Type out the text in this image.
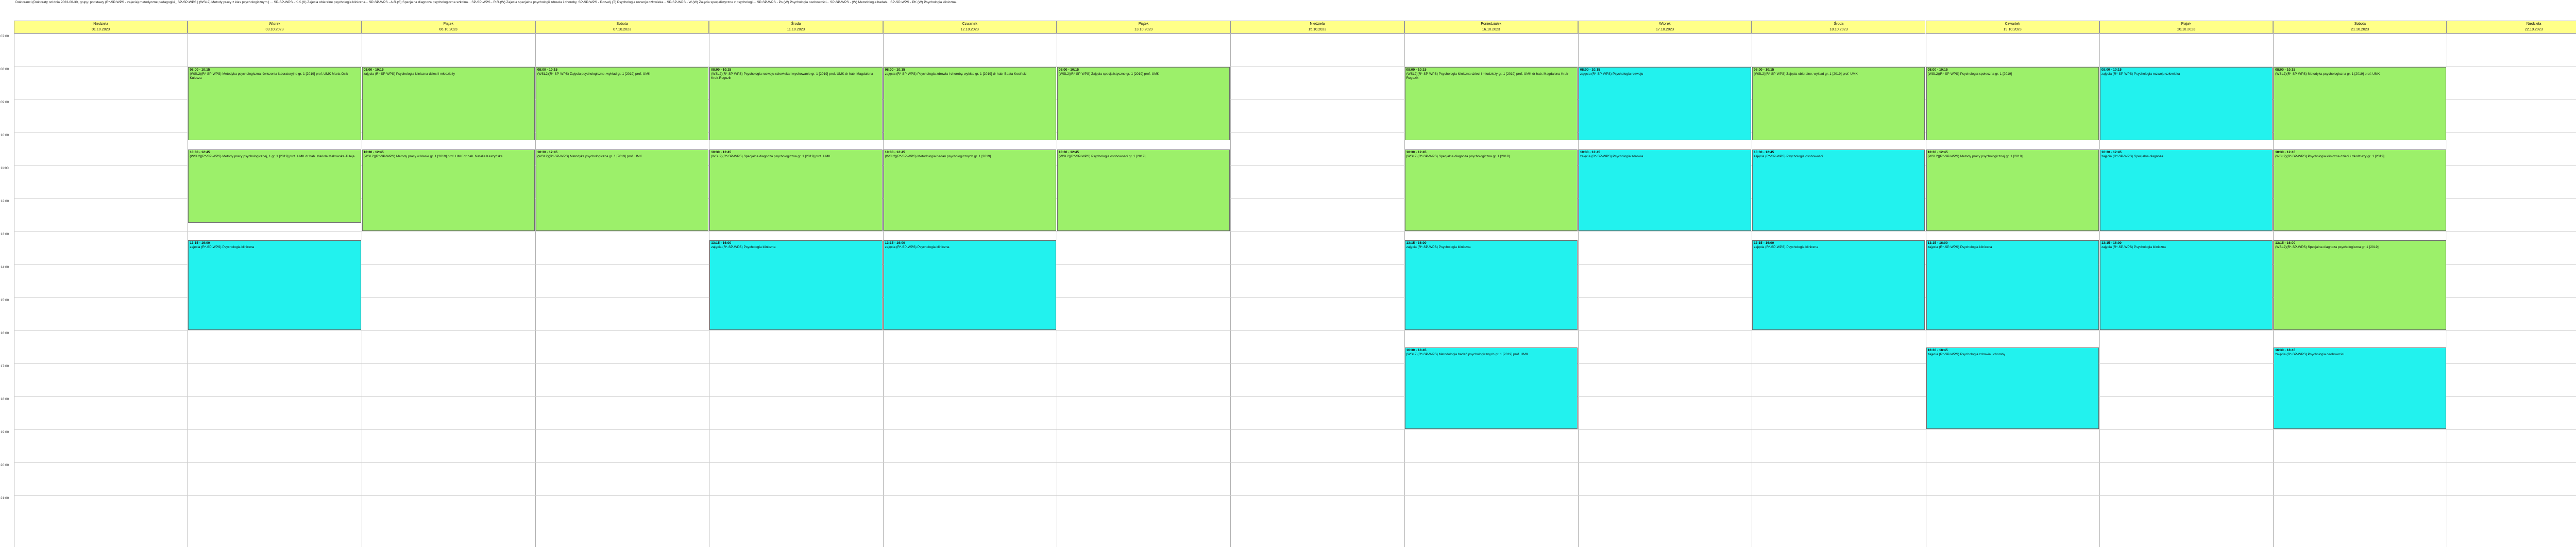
Doktoranci (Doktoraty od dnia 2023-06-30, grupy: podstawy (R*-SP-WPS - zajecia) metodyczne pedagogiki_ SP-SP-WPS | (WSL2) Metody pracy z klas psychologicznym | ... SP-SP-WPS - K.K.(K) Zajęcia obieralne psychologia kliniczna... SP-SP-WPS - A.R.(S) Specjalna diagnoza psychologiczna szkolna... SP-SP-WPS - R.R.(W) Zajecia specjalne psychologii zdrowia i choroby, SP-SP-WPS - Rozwój (T) Psychologia rozwoju człowieka... SP-SP-WPS - W.(W) Zajęcia specjalistyczne z psychologii... SP-SP-WPS - Ps.(W) Psychologia osobowości... SP-SP-WPS - (W) Metodologia badań... SP-SP-WPS - PK (W) Psychologia kliniczna...
Niedziela
01.10.2023
Wtorek
03.10.2023
Piątek
06.10.2023
Sobota
07.10.2023
Środa
11.10.2023
Czwartek
12.10.2023
Piątek
13.10.2023
Niedziela
15.10.2023
Poniedziałek
16.10.2023
Wtorek
17.10.2023
Środa
18.10.2023
Czwartek
19.10.2023
Piątek
20.10.2023
Sobota
21.10.2023
Niedziela
22.10.2023
07:00
08:00
09:00
10:00
11:00
12:00
13:00
14:00
15:00
16:00
17:00
18:00
19:00
20:00
21:00
08:00 - 10:15
(WSL2)(R*-SP-WPS) Metodyka psychologiczna; ćwiczenia laboratoryjne gr. 1 [2019] prof. UMK Maria Osik Kulesza
10:30 - 12:45
(WSL2)(R*-SP-WPS) Metody pracy psychologicznej, 1 gr. 1 [2019] prof. UMK dr hab. Mariola Makowska-Tuleja
13:15 - 16:00
zajęcia (R*-SP-WPS) Psychologia kliniczna
08:00 - 10:15
zajęcia (R*-SP-WPS) Psychologia kliniczna dzieci i młodzieży
10:30 - 12:45
(WSL2)(R*-SP-WPS) Metody pracy w klasie gr. 1 [2019] prof. UMK dr hab. Natalia Kaszyńska
08:00 - 10:15
(WSL2)(R*-SP-WPS) Zajęcia psychologiczne, wykład gr. 1 [2019] prof. UMK
10:30 - 12:45
(WSL2)(R*-SP-WPS) Metodyka psychologiczna gr. 1 [2019] prof. UMK
08:00 - 10:15
(WSL2)(R*-SP-WPS) Psychologia rozwoju człowieka i wychowanie gr. 1 [2019] prof. UMK dr hab. Magdalena Kruk-Rogozik
10:30 - 12:45
(WSL2)(R*-SP-WPS) Specjalna diagnoza psychologiczna gr. 1 [2019] prof. UMK
13:15 - 16:00
zajęcia (R*-SP-WPS) Psychologia kliniczna
08:00 - 10:15
zajęcia (R*-SP-WPS) Psychologia zdrowia i choroby, wykład gr. 1 [2019] dr hab. Beata Kosiński
10:30 - 12:45
(WSL2)(R*-SP-WPS) Metodologia badań psychologicznych gr. 1 [2019]
13:15 - 16:00
zajęcia (R*-SP-WPS) Psychologia kliniczna
08:00 - 10:15
(WSL2)(R*-SP-WPS) Zajęcia specjalistyczne gr. 1 [2019] prof. UMK
10:30 - 12:45
(WSL2)(R*-SP-WPS) Psychologia osobowości gr. 1 [2019]
08:00 - 10:15
(WSL2)(R*-SP-WPS) Psychologia kliniczna dzieci i młodzieży gr. 1 [2019] prof. UMK dr hab. Magdalena Kruk-Rogozik
10:30 - 12:45
(WSL2)(R*-SP-WPS) Specjalna diagnoza psychologiczna gr. 1 [2019]
13:15 - 16:00
zajęcia (R*-SP-WPS) Psychologia kliniczna
16:30 - 18:45
(WSL2)(R*-SP-WPS) Metodologia badań psychologicznych gr. 1 [2019] prof. UMK
08:00 - 10:15
zajęcia (R*-SP-WPS) Psychologia rozwoju
10:30 - 12:45
zajęcia (R*-SP-WPS) Psychologia zdrowia
08:00 - 10:15
(WSL2)(R*-SP-WPS) Zajęcia obieralne, wykład gr. 1 [2019] prof. UMK
10:30 - 12:45
zajęcia (R*-SP-WPS) Psychologia osobowości
13:15 - 16:00
zajęcia (R*-SP-WPS) Psychologia kliniczna
08:00 - 10:15
(WSL2)(R*-SP-WPS) Psychologia społeczna gr. 1 [2019]
10:30 - 12:45
(WSL2)(R*-SP-WPS) Metody pracy psychologicznej gr. 1 [2019]
13:15 - 16:00
zajęcia (R*-SP-WPS) Psychologia kliniczna
16:30 - 18:45
zajęcia (R*-SP-WPS) Psychologia zdrowia i choroby
08:00 - 10:15
zajęcia (R*-SP-WPS) Psychologia rozwoju człowieka
10:30 - 12:45
zajęcia (R*-SP-WPS) Specjalna diagnoza
13:15 - 16:00
zajęcia (R*-SP-WPS) Psychologia kliniczna
08:00 - 10:15
(WSL2)(R*-SP-WPS) Metodyka psychologiczna gr. 1 [2019] prof. UMK
10:30 - 12:45
(WSL2)(R*-SP-WPS) Psychologia kliniczna dzieci i młodzieży gr. 1 [2019]
13:15 - 16:00
(WSL2)(R*-SP-WPS) Specjalna diagnoza psychologiczna gr. 1 [2019]
16:30 - 18:45
zajęcia (R*-SP-WPS) Psychologia osobowości
